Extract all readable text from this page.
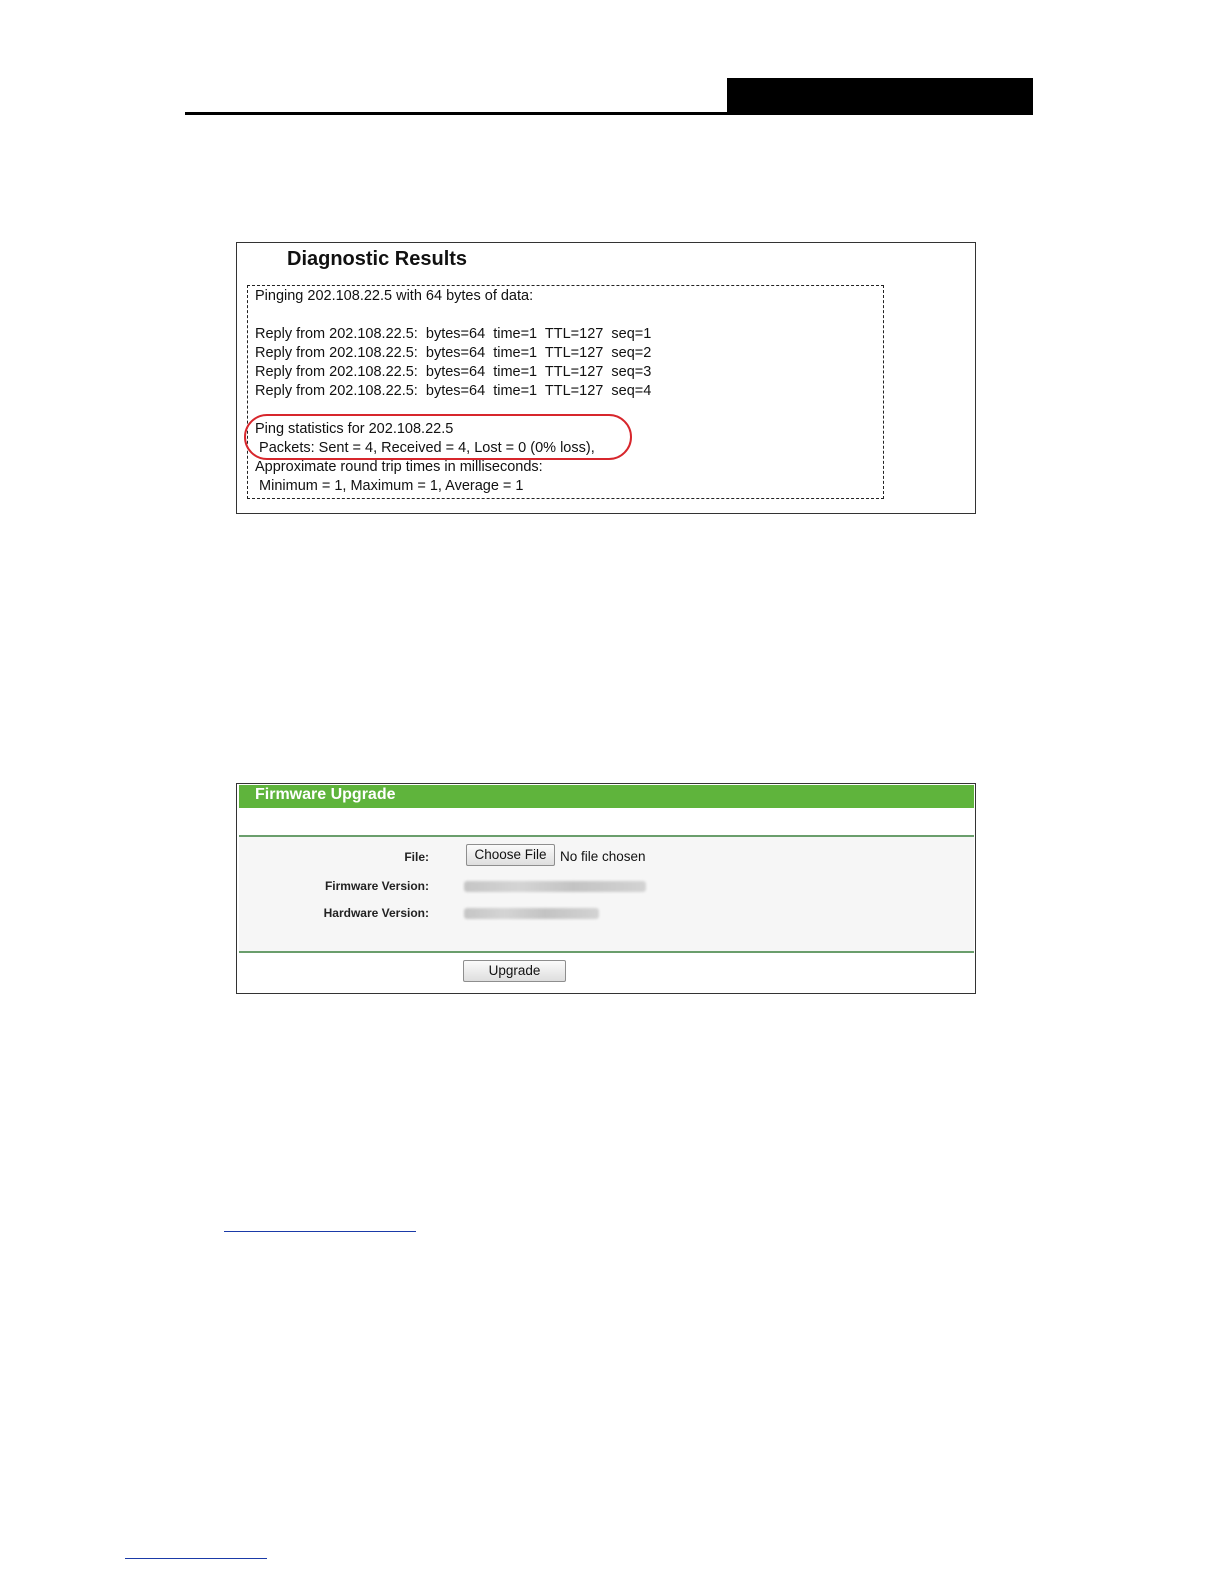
Diagnostic Results
Pinging 202.108.22.5 with 64 bytes of data:
Reply from 202.108.22.5:  bytes=64  time=1  TTL=127  seq=1
Reply from 202.108.22.5:  bytes=64  time=1  TTL=127  seq=2
Reply from 202.108.22.5:  bytes=64  time=1  TTL=127  seq=3
Reply from 202.108.22.5:  bytes=64  time=1  TTL=127  seq=4
Ping statistics for 202.108.22.5
Packets: Sent = 4, Received = 4, Lost = 0 (0% loss),
Approximate round trip times in milliseconds:
Minimum = 1, Maximum = 1, Average = 1
Firmware Upgrade
File:	Choose File No file chosen
Firmware Version:
Hardware Version:
Upgrade
